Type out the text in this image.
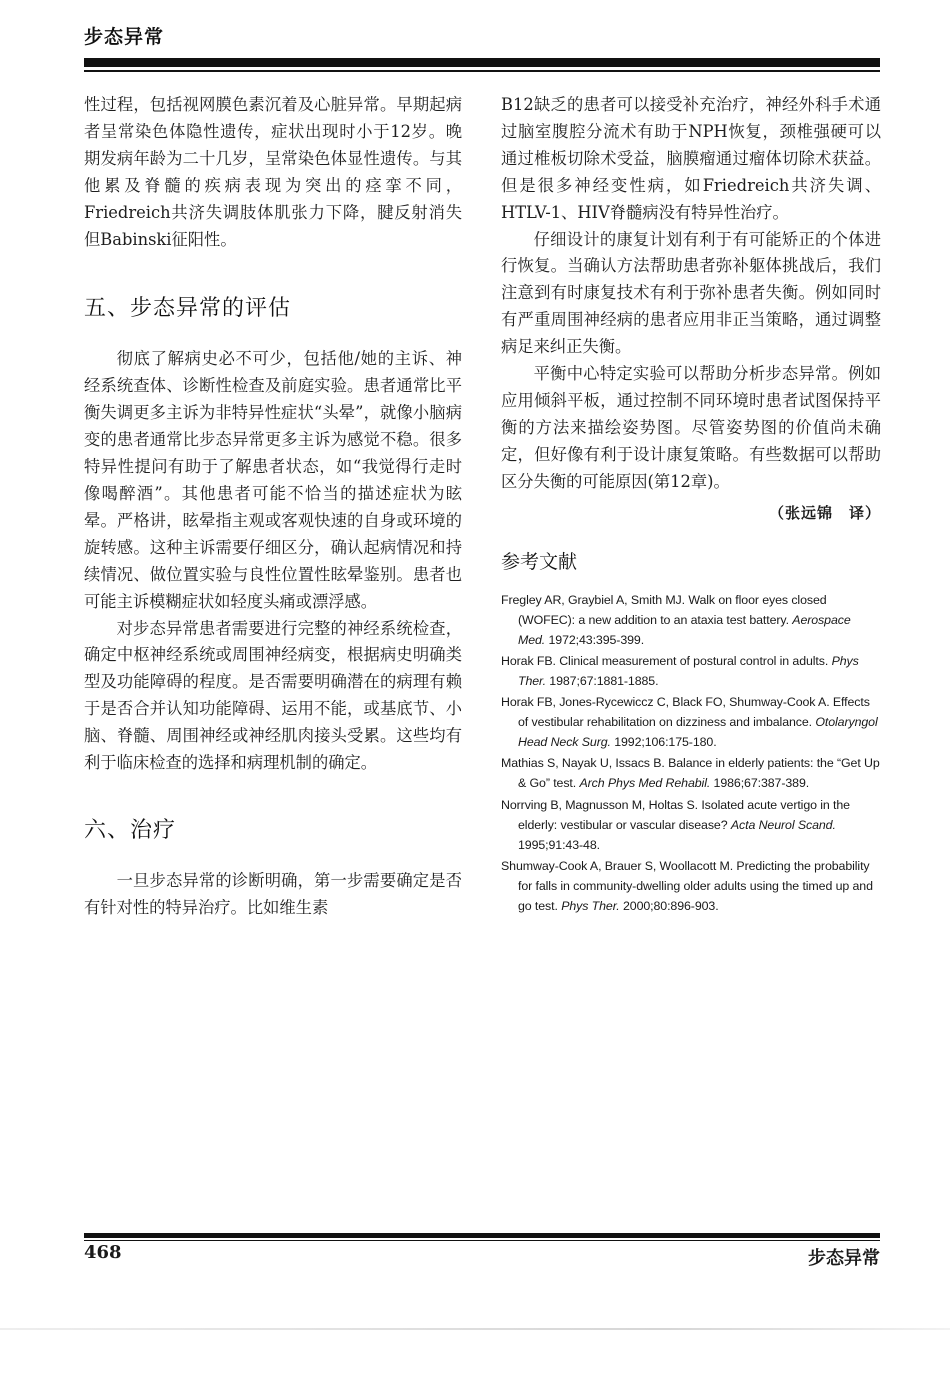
步态异常

性过程，包括视网膜色素沉着及心脏异常。早期起病者呈常染色体隐性遗传，症状出现时小于12岁。晚期发病年龄为二十几岁，呈常染色体显性遗传。与其他累及脊髓的疾病表现为突出的痉挛不同，Friedreich共济失调肢体肌张力下降，腱反射消失但Babinski征阳性。

五、步态异常的评估

彻底了解病史必不可少，包括他/她的主诉、神经系统查体、诊断性检查及前庭实验。患者通常比平衡失调更多主诉为非特异性症状“头晕”，就像小脑病变的患者通常比步态异常更多主诉为感觉不稳。很多特异性提问有助于了解患者状态，如“我觉得行走时像喝醉酒”。其他患者可能不恰当的描述症状为眩晕。严格讲，眩晕指主观或客观快速的自身或环境的旋转感。这种主诉需要仔细区分，确认起病情况和持续情况、做位置实验与良性位置性眩晕鉴别。患者也可能主诉模糊症状如轻度头痛或漂浮感。

对步态异常患者需要进行完整的神经系统检查，确定中枢神经系统或周围神经病变，根据病史明确类型及功能障碍的程度。是否需要明确潜在的病理有赖于是否合并认知功能障碍、运用不能，或基底节、小脑、脊髓、周围神经或神经肌肉接头受累。这些均有利于临床检查的选择和病理机制的确定。

六、治疗

一旦步态异常的诊断明确，第一步需要确定是否有针对性的特异治疗。比如维生素

B12缺乏的患者可以接受补充治疗，神经外科手术通过脑室腹腔分流术有助于NPH恢复，颈椎强硬可以通过椎板切除术受益，脑膜瘤通过瘤体切除术获益。但是很多神经变性病，如Friedreich共济失调、HTLV-1、HIV脊髓病没有特异性治疗。

仔细设计的康复计划有利于有可能矫正的个体进行恢复。当确认方法帮助患者弥补躯体挑战后，我们注意到有时康复技术有利于弥补患者失衡。例如同时有严重周围神经病的患者应用非正当策略，通过调整病足来纠正失衡。

平衡中心特定实验可以帮助分析步态异常。例如应用倾斜平板，通过控制不同环境时患者试图保持平衡的方法来描绘姿势图。尽管姿势图的价值尚未确定，但好像有利于设计康复策略。有些数据可以帮助区分失衡的可能原因(第12章)。

（张远锦　译）
参考文献
Fregley AR, Graybiel A, Smith MJ. Walk on floor eyes closed (WOFEC): a new addition to an ataxia test battery. Aerospace Med. 1972;43:395-399.
Horak FB. Clinical measurement of postural control in adults. Phys Ther. 1987;67:1881-1885.
Horak FB, Jones-Rycewiccz C, Black FO, Shumway-Cook A. Effects of vestibular rehabilitation on dizziness and imbalance. Otolaryngol Head Neck Surg. 1992;106:175-180.
Mathias S, Nayak U, Issacs B. Balance in elderly patients: the “Get Up & Go” test. Arch Phys Med Rehabil. 1986;67:387-389.
Norrving B, Magnusson M, Holtas S. Isolated acute vertigo in the elderly: vestibular or vascular disease? Acta Neurol Scand. 1995;91:43-48.
Shumway-Cook A, Brauer S, Woollacott M. Predicting the probability for falls in community-dwelling older adults using the timed up and go test. Phys Ther. 2000;80:896-903.
468	步态异常
